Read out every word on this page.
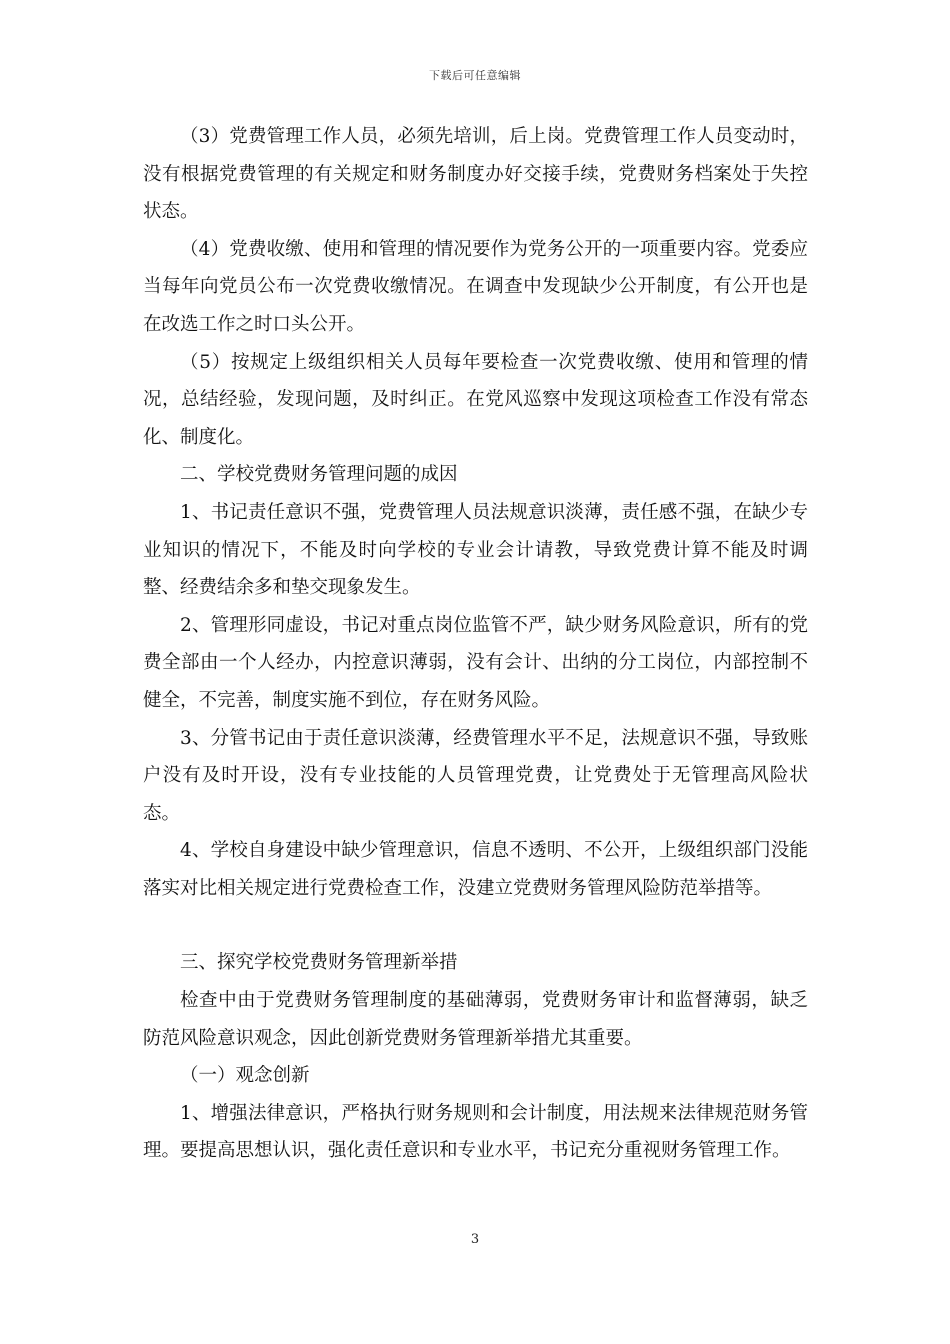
下载后可任意编辑

（3）党费管理工作人员，必须先培训，后上岗。党费管理工作人员变动时，没有根据党费管理的有关规定和财务制度办好交接手续，党费财务档案处于失控状态。

（4）党费收缴、使用和管理的情况要作为党务公开的一项重要内容。党委应当每年向党员公布一次党费收缴情况。在调查中发现缺少公开制度，有公开也是在改选工作之时口头公开。

（5）按规定上级组织相关人员每年要检查一次党费收缴、使用和管理的情况，总结经验，发现问题，及时纠正。在党风巡察中发现这项检查工作没有常态化、制度化。

二、学校党费财务管理问题的成因

1、书记责任意识不强，党费管理人员法规意识淡薄，责任感不强，在缺少专业知识的情况下，不能及时向学校的专业会计请教，导致党费计算不能及时调整、经费结余多和垫交现象发生。

2、管理形同虚设，书记对重点岗位监管不严，缺少财务风险意识，所有的党费全部由一个人经办，内控意识薄弱，没有会计、出纳的分工岗位，内部控制不健全，不完善，制度实施不到位，存在财务风险。

3、分管书记由于责任意识淡薄，经费管理水平不足，法规意识不强，导致账户没有及时开设，没有专业技能的人员管理党费，让党费处于无管理高风险状态。

4、学校自身建设中缺少管理意识，信息不透明、不公开，上级组织部门没能落实对比相关规定进行党费检查工作，没建立党费财务管理风险防范举措等。

三、探究学校党费财务管理新举措

检查中由于党费财务管理制度的基础薄弱，党费财务审计和监督薄弱，缺乏防范风险意识观念，因此创新党费财务管理新举措尤其重要。

（一）观念创新

1、增强法律意识，严格执行财务规则和会计制度，用法规来法律规范财务管理。要提高思想认识，强化责任意识和专业水平，书记充分重视财务管理工作。

3
